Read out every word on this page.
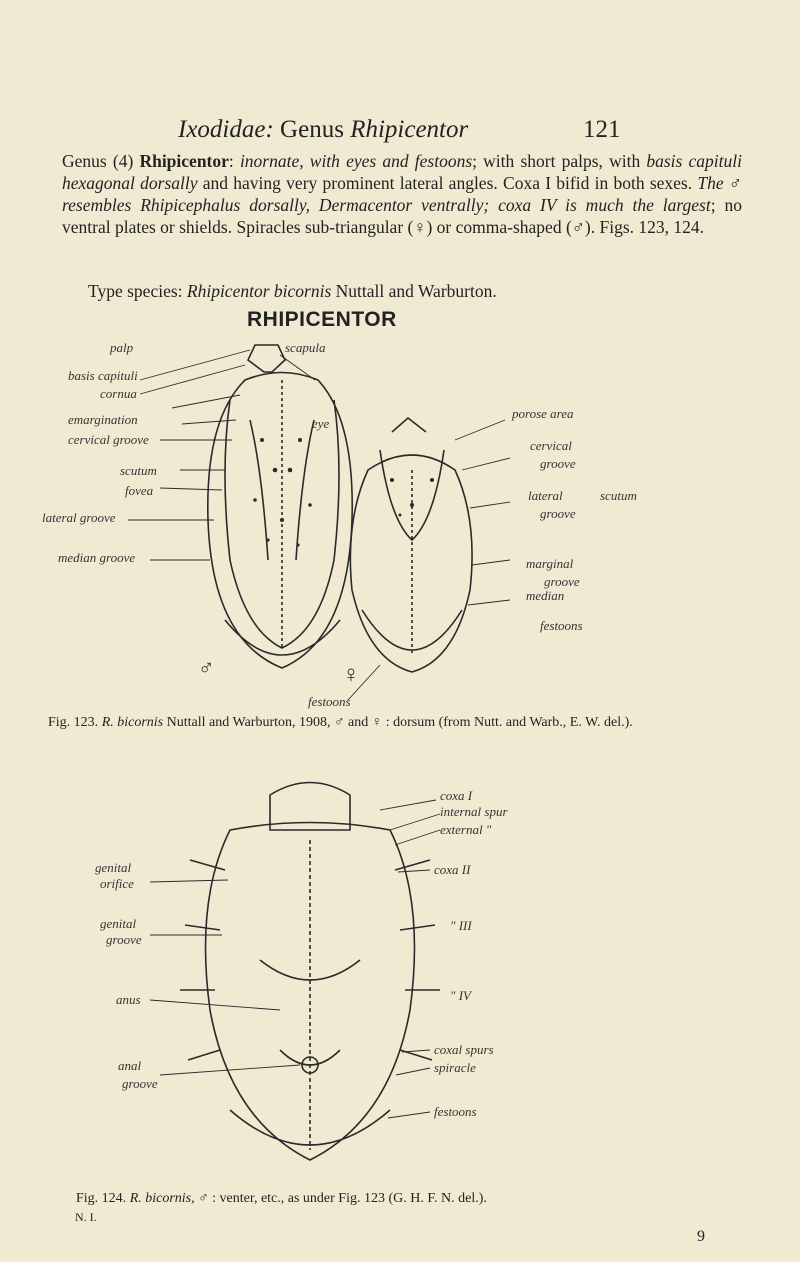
Ixodidae: Genus Rhipicentor	121
Genus (4) Rhipicentor: inornate, with eyes and festoons; with short palps, with basis capituli hexagonal dorsally and having very prominent lateral angles. Coxa I bifid in both sexes. The ♂ resembles Rhipicephalus dorsally, Dermacentor ventrally; coxa IV is much the largest; no ventral plates or shields. Spiracles sub-triangular (♀) or comma-shaped (♂). Figs. 123, 124.
Type species: Rhipicentor bicornis Nuttall and Warburton.
RHIPICENTOR
palp
basis capituli
cornua
emargination
cervical groove
scutum
fovea
lateral groove
median groove
scapula
eye
porose area
cervical
groove
lateral
groove
scutum
marginal
groove
median
festoons
festoons
♂	♀
coxa I
internal spur
external "
coxa II
" III
" IV
coxal spurs
spiracle
festoons
genital
orifice
genital
groove
anus
anal
groove
Fig. 123. R. bicornis Nuttall and Warburton, 1908, ♂ and ♀ : dorsum (from Nutt. and Warb., E. W. del.).
Fig. 124. R. bicornis, ♂ : venter, etc., as under Fig. 123 (G. H. F. N. del.).
N. I.
9
